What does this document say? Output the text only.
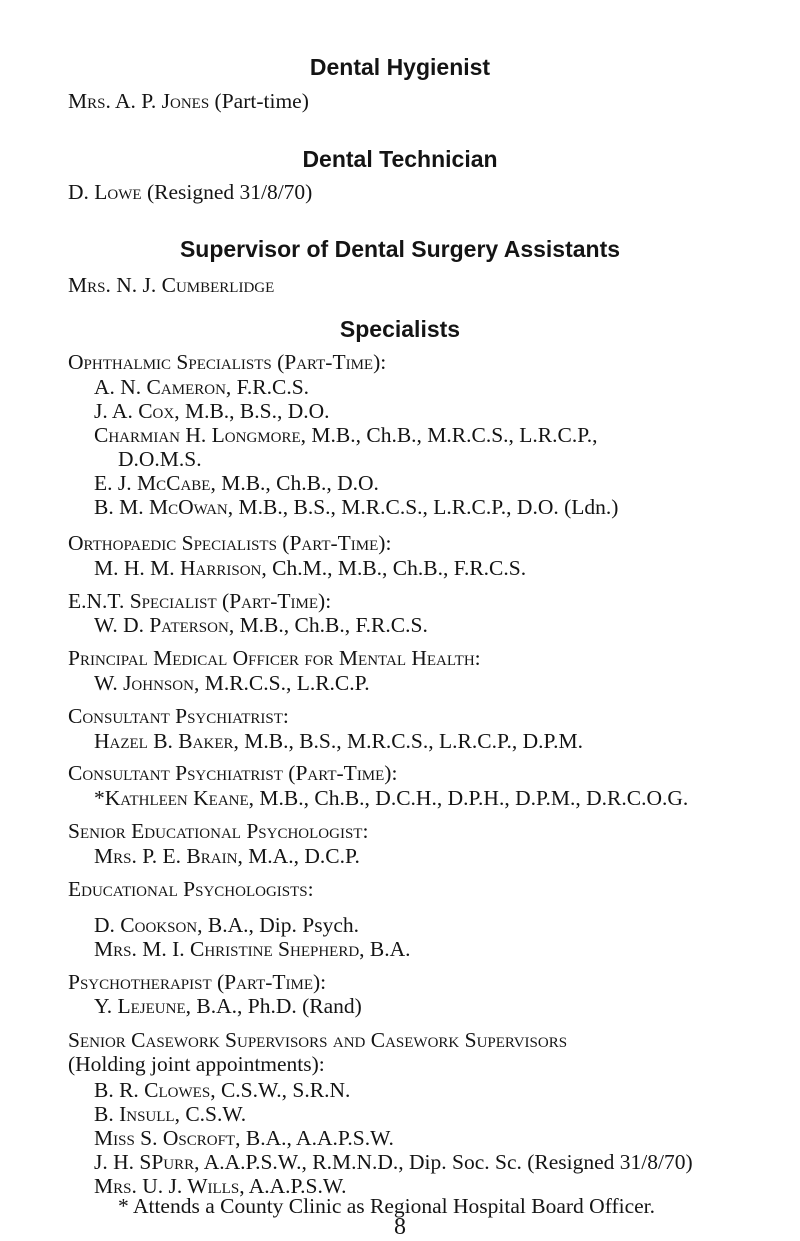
Dental Hygienist
Mrs. A. P. Jones (Part-time)
Dental Technician
D. Lowe (Resigned 31/8/70)
Supervisor of Dental Surgery Assistants
Mrs. N. J. Cumberlidge
Specialists
Ophthalmic Specialists (Part-Time):
A. N. Cameron, F.R.C.S.
J. A. Cox, M.B., B.S., D.O.
Charmian H. Longmore, M.B., Ch.B., M.R.C.S., L.R.C.P.,
D.O.M.S.
E. J. McCabe, M.B., Ch.B., D.O.
B. M. McOwan, M.B., B.S., M.R.C.S., L.R.C.P., D.O. (Ldn.)
Orthopaedic Specialists (Part-Time):
M. H. M. Harrison, Ch.M., M.B., Ch.B., F.R.C.S.
E.N.T. Specialist (Part-Time):
W. D. Paterson, M.B., Ch.B., F.R.C.S.
Principal Medical Officer for Mental Health:
W. Johnson, M.R.C.S., L.R.C.P.
Consultant Psychiatrist:
Hazel B. Baker, M.B., B.S., M.R.C.S., L.R.C.P., D.P.M.
Consultant Psychiatrist (Part-Time):
*Kathleen Keane, M.B., Ch.B., D.C.H., D.P.H., D.P.M., D.R.C.O.G.
Senior Educational Psychologist:
Mrs. P. E. Brain, M.A., D.C.P.
Educational Psychologists:
D. Cookson, B.A., Dip. Psych.
Mrs. M. I. Christine Shepherd, B.A.
Psychotherapist (Part-Time):
Y. Lejeune, B.A., Ph.D. (Rand)
Senior Casework Supervisors and Casework Supervisors
(Holding joint appointments):
B. R. Clowes, C.S.W., S.R.N.
B. Insull, C.S.W.
Miss S. Oscroft, B.A., A.A.P.S.W.
J. H. SPurr, A.A.P.S.W., R.M.N.D., Dip. Soc. Sc. (Resigned 31/8/70)
Mrs. U. J. Wills, A.A.P.S.W.
* Attends a County Clinic as Regional Hospital Board Officer.
8
